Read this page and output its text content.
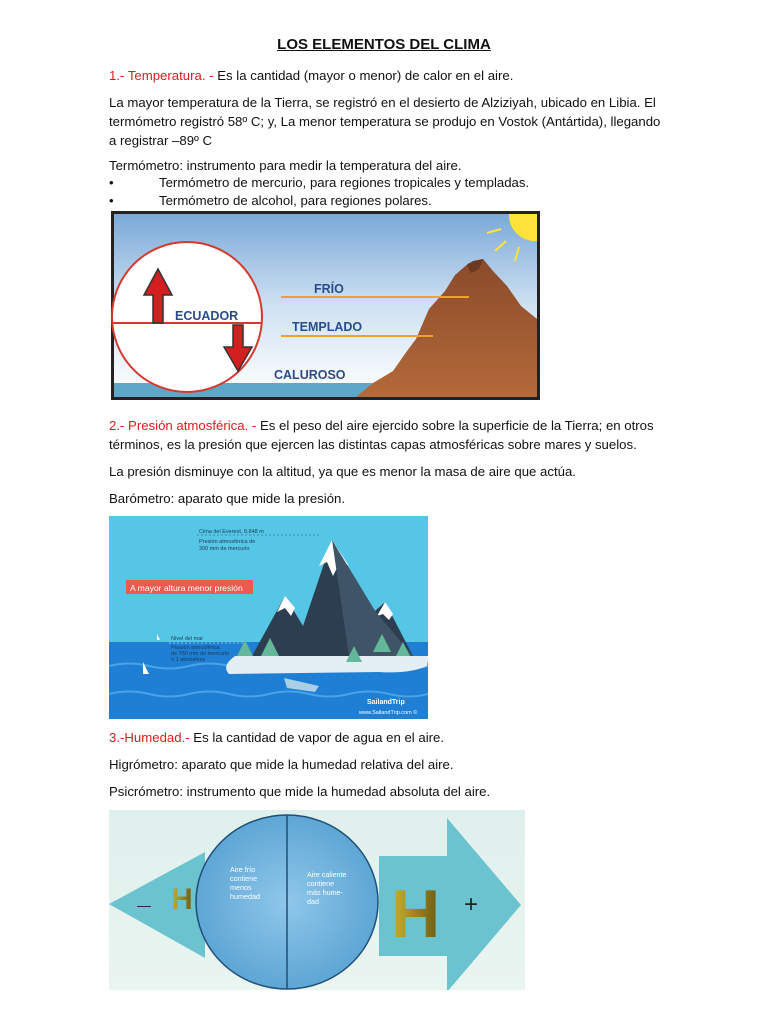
LOS ELEMENTOS DEL CLIMA

1.- Temperatura. - Es la cantidad (mayor o menor) de calor en el aire.

La mayor temperatura de la Tierra, se registró en el desierto de Alziziyah, ubicado en Libia. El termómetro registró 58º C; y, La menor temperatura se produjo en Vostok (Antártida), llegando a registrar –89º C

Termómetro: instrumento para medir la temperatura del aire.

•	Termómetro de mercurio, para regiones tropicales y templadas.
•	Termómetro de alcohol, para regiones polares.
ECUADOR
FRÍO
TEMPLADO
CALUROSO

2.- Presión atmosférica. - Es el peso del aire ejercido sobre la superficie de la Tierra; en otros términos, es la presión que ejercen las distintas capas atmosféricas sobre mares y suelos.

La presión disminuye con la altitud, ya que es menor la masa de aire que actúa.

Barómetro: aparato que mide la presión.

A mayor altura menor presión
Cima del Everest, 8.848 m
Presión atmosférica de
300 mm de mercurio
Nivel del mar
Presión atmosférica
de 760 mm de mercurio
o 1 atmósfera
SailandTrip
www.SailandTrip.com ©

3.-Humedad.- Es la cantidad de vapor de agua en el aire.

Higrómetro: aparato que mide la humedad relativa del aire.

Psicrómetro: instrumento que mide la humedad absoluta del aire.

H	H
—	+
Aire frío
contiene
menos
humedad
Aire caliente
contiene
más hume-
dad
